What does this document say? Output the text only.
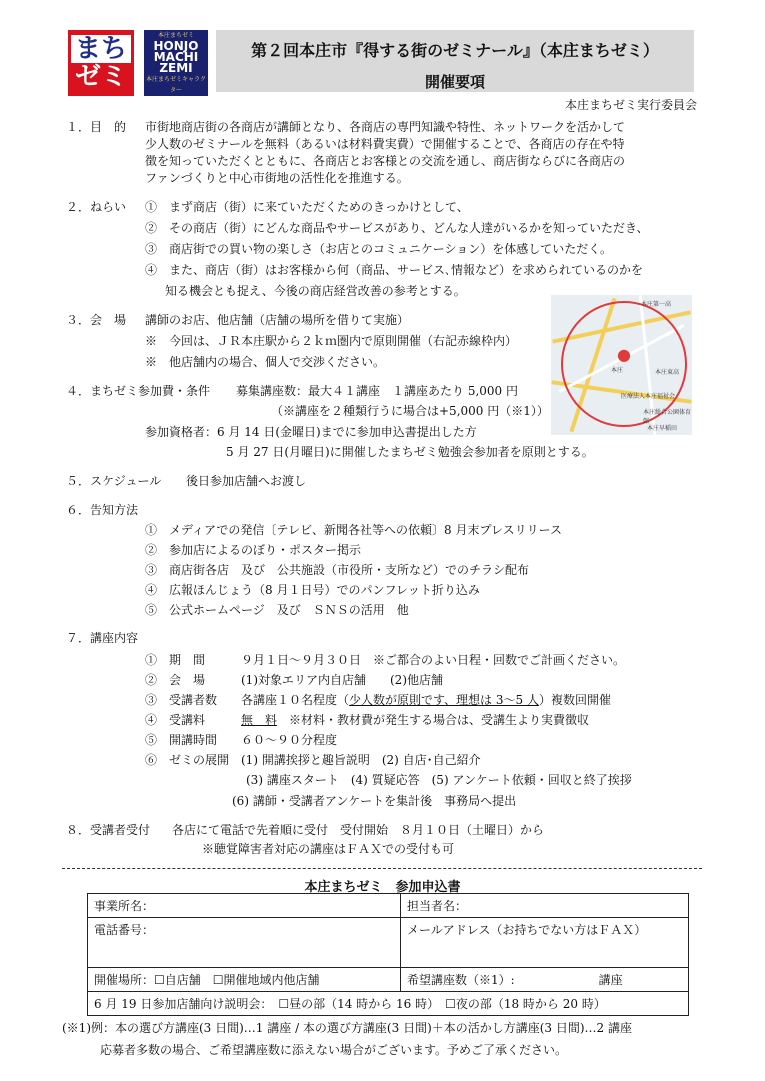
まち
ゼミ
本庄まちゼミ
HONJO
MACHI
ZEMI
本庄まちゼミキャラクター
第２回本庄市『得する街のゼミナール』（本庄まちゼミ）
開催要項
本庄まちゼミ実行委員会
１．目　的 市街地商店街の各商店が講師となり、各商店の専門知識や特性、ネットワークを活かして
少人数のゼミナールを無料（あるいは材料費実費）で開催することで、各商店の存在や特
徴を知っていただくとともに、各商店とお客様との交流を通し、商店街ならびに各商店の
ファンづくりと中心市街地の活性化を推進する。
２．ねらい ①　まず商店（街）に来ていただくためのきっかけとして、
②　その商店（街）にどんな商品やサービスがあり、どんな人達がいるかを知っていただき、
③　商店街での買い物の楽しさ（お店とのコミュニケーション）を体感していただく。
④　また、商店（街）はお客様から何（商品、サービス､情報など）を求められているのかを
知る機会とも捉え、今後の商店経営改善の参考とする。
３．会　場 講師のお店、他店舗（店舗の場所を借りて実施）
※　今回は、ＪＲ本庄駅から２ｋｍ圏内で原則開催（右記赤線枠内）
※　他店舗内の場合、個人で交渉ください。	●
本庄第一高
本庄	本庄東高
医療法人本庄福祉会
本庄総合公園体育館
本庄早稲田
４．まちゼミ参加費・条件 募集講座数：最大４１講座　１講座あたり 5,000 円
（※講座を２種類行うに場合は+5,000 円（※1））
参加資格者：6 月 14 日(金曜日)までに参加申込書提出した方
5 月 27 日(月曜日)に開催したまちゼミ勉強会参加者を原則とする。
５．スケジュール 後日参加店舗へお渡し
６．告知方法
①　メディアでの発信〔テレビ、新聞各社等への依頼〕8 月末プレスリリース
②　参加店によるのぼり・ポスター掲示
③　商店街各店　及び　公共施設（市役所・支所など）でのチラシ配布
④　広報ほんじょう（8 月１日号）でのパンフレット折り込み
⑤　公式ホームページ　及び　ＳＮＳの活用　他
７．講座内容
①　期　間　　　９月１日～９月３０日　※ご都合のよい日程・回数でご計画ください。
②　会　場　　　(1)対象エリア内自店舗　　(2)他店舗
③　受講者数　　各講座１０名程度（少人数が原則です、理想は 3～5 人）複数回開催
④　受講料　　　無　料　※材料・教材費が発生する場合は、受講生より実費徴収
⑤　開講時間　　６０～９０分程度
⑥　ゼミの展開　(1) 開講挨拶と趣旨説明　(2) 自店･自己紹介
(3) 講座スタート　(4) 質疑応答　(5) アンケート依頼・回収と終了挨拶
(6) 講師・受講者アンケートを集計後　事務局へ提出
８．受講者受付 各店にて電話で先着順に受付　受付開始　８月１０日（土曜日）から
※聴覚障害者対応の講座はＦＡＸでの受付も可
本庄まちゼミ　参加申込書
事業所名：	担当者名：
電話番号：	メールアドレス（お持ちでない方はＦＡＸ）
開催場所：☐自店舗　☐開催地域内他店舗	希望講座数（※1）:　　　　　　　講座
6 月 19 日参加店舗向け説明会：　☐昼の部（14 時から 16 時）　☐夜の部（18 時から 20 時）	
(※1)例：本の選び方講座(3 日間)…1 講座 / 本の選び方講座(3 日間)＋本の活かし方講座(3 日間)…2 講座
応募者多数の場合、ご希望講座数に添えない場合がございます。予めご了承ください。
